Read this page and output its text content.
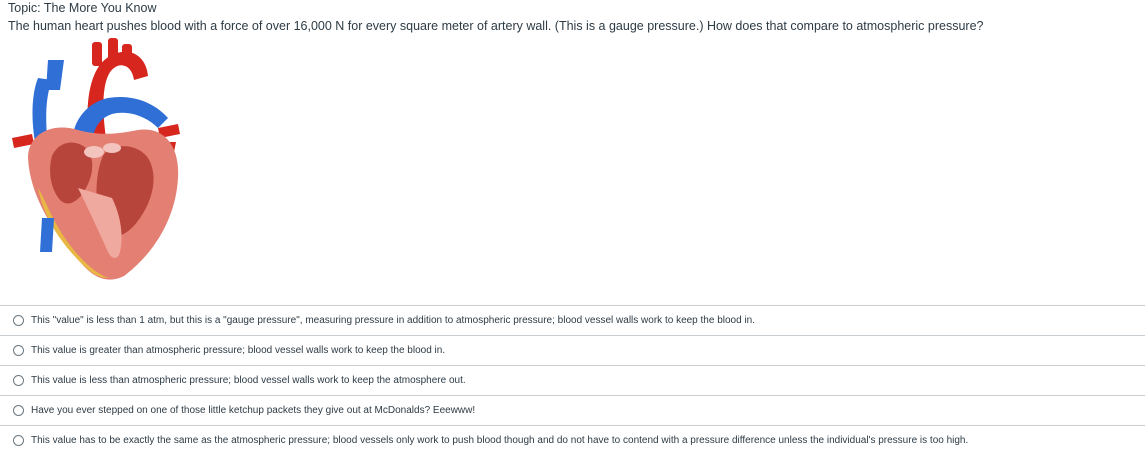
Topic: The More You Know
The human heart pushes blood with a force of over 16,000 N for every square meter of artery wall. (This is a gauge pressure.) How does that compare to atmospheric pressure?
This "value" is less than 1 atm, but this is a "gauge pressure", measuring pressure in addition to atmospheric pressure; blood vessel walls work to keep the blood in.
This value is greater than atmospheric pressure; blood vessel walls work to keep the blood in.
This value is less than atmospheric pressure; blood vessel walls work to keep the atmosphere out.
Have you ever stepped on one of those little ketchup packets they give out at McDonalds? Eeewww!
This value has to be exactly the same as the atmospheric pressure; blood vessels only work to push blood though and do not have to contend with a pressure difference unless the individual's pressure is too high.
